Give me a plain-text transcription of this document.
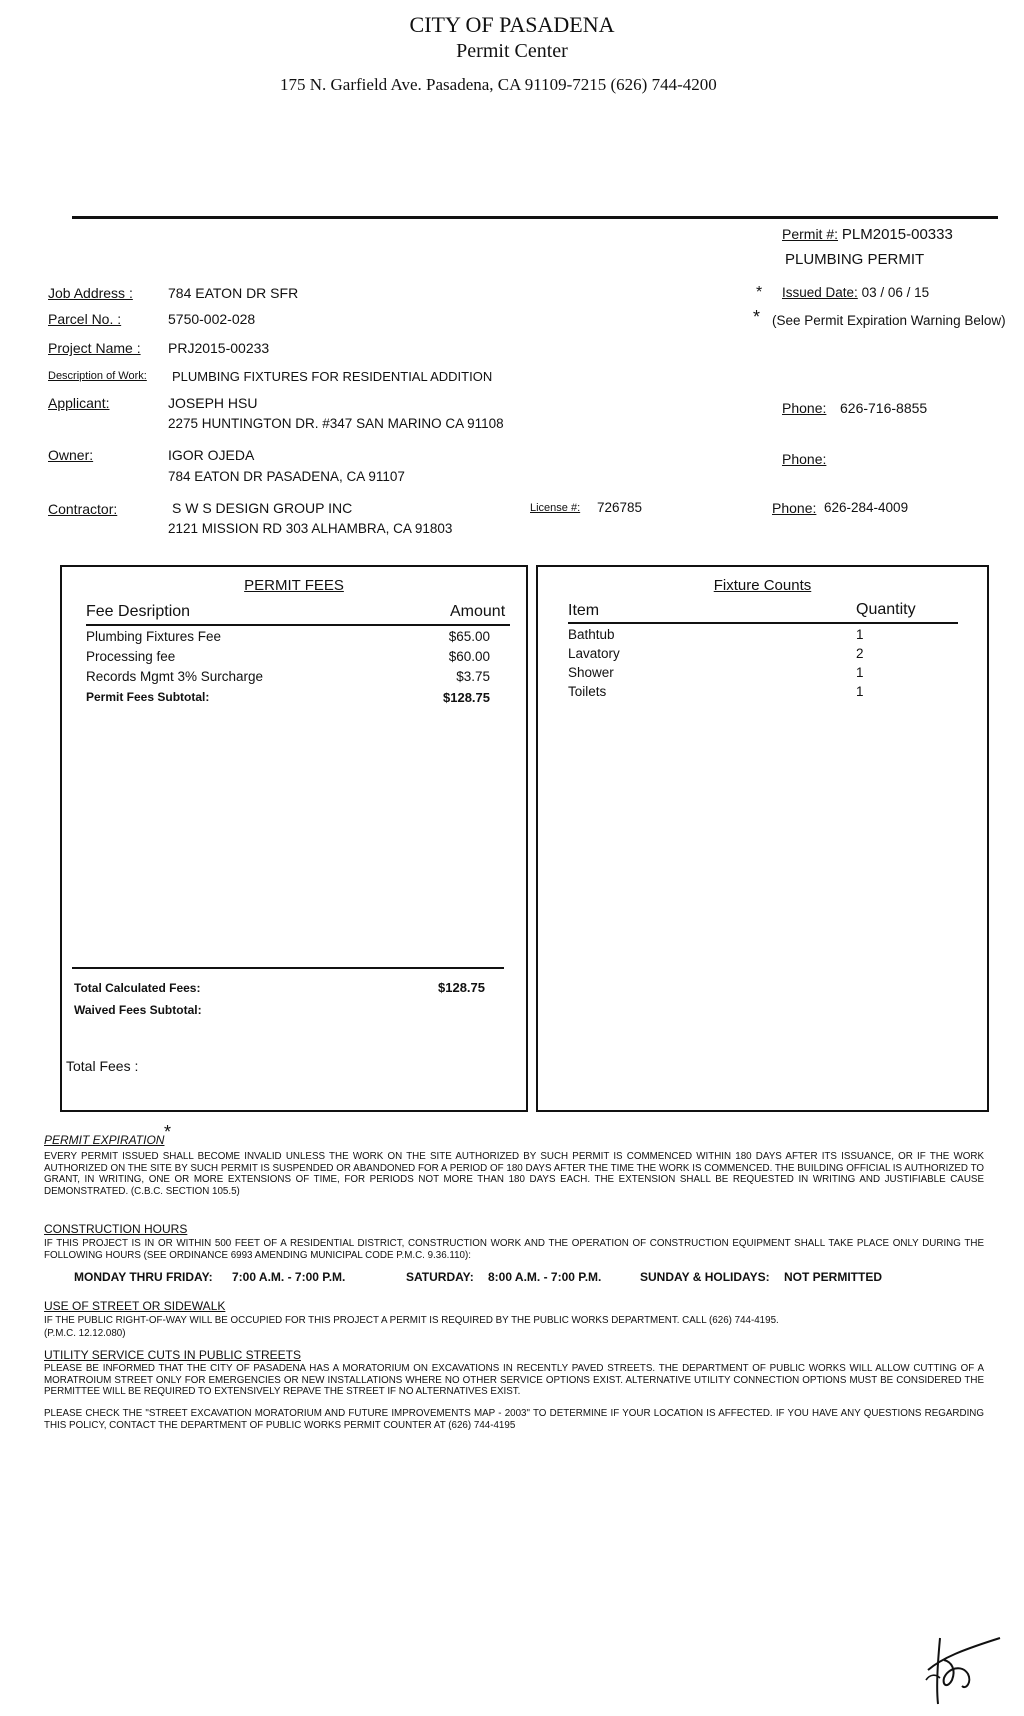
CITY OF PASADENA
Permit Center
175 N. Garfield Ave. Pasadena, CA 91109-7215 (626) 744-4200
Permit #: PLM2015-00333
PLUMBING PERMIT
* Issued Date: 03 / 06 / 15
* (See Permit Expiration Warning Below)
Job Address :	784 EATON DR SFR
Parcel No. :	5750-002-028
Project Name : PRJ2015-00233
Description of Work: PLUMBING FIXTURES FOR RESIDENTIAL ADDITION
Applicant:	JOSEPH HSU
2275 HUNTINGTON DR. #347 SAN MARINO CA 91108
Phone: 626-716-8855
Owner:	IGOR OJEDA
784 EATON DR PASADENA, CA 91107
Phone:
Contractor:	S W S DESIGN GROUP INC
2121 MISSION RD 303 ALHAMBRA, CA 91803
License #: 726785	Phone: 626-284-4009
PERMIT FEES
Fee Desription	Amount
Plumbing Fixtures Fee	$65.00
Processing fee	$60.00
Records Mgmt 3% Surcharge	$3.75
Permit Fees Subtotal:	$128.75
Total Calculated Fees:	$128.75
Waived Fees Subtotal:
Total Fees :
Fixture Counts
Item	Quantity
Bathtub	1
Lavatory	2
Shower	1
Toilets	1
PERMIT EXPIRATION *
EVERY PERMIT ISSUED SHALL BECOME INVALID UNLESS THE WORK ON THE SITE AUTHORIZED BY SUCH PERMIT IS COMMENCED WITHIN 180 DAYS AFTER ITS ISSUANCE, OR IF THE WORK AUTHORIZED ON THE SITE BY SUCH PERMIT IS SUSPENDED OR ABANDONED FOR A PERIOD OF 180 DAYS AFTER THE TIME THE WORK IS COMMENCED. THE BUILDING OFFICIAL IS AUTHORIZED TO GRANT, IN WRITING, ONE OR MORE EXTENSIONS OF TIME, FOR PERIODS NOT MORE THAN 180 DAYS EACH. THE EXTENSION SHALL BE REQUESTED IN WRITING AND JUSTIFIABLE CAUSE DEMONSTRATED. (C.B.C. SECTION 105.5)
CONSTRUCTION HOURS
IF THIS PROJECT IS IN OR WITHIN 500 FEET OF A RESIDENTIAL DISTRICT, CONSTRUCTION WORK AND THE OPERATION OF CONSTRUCTION EQUIPMENT SHALL TAKE PLACE ONLY DURING THE FOLLOWING HOURS (SEE ORDINANCE 6993 AMENDING MUNICIPAL CODE P.M.C. 9.36.110):
MONDAY THRU FRIDAY: 7:00 A.M. - 7:00 P.M.	SATURDAY: 8:00 A.M. - 7:00 P.M.	SUNDAY & HOLIDAYS: NOT PERMITTED
USE OF STREET OR SIDEWALK
IF THE PUBLIC RIGHT-OF-WAY WILL BE OCCUPIED FOR THIS PROJECT A PERMIT IS REQUIRED BY THE PUBLIC WORKS DEPARTMENT. CALL (626) 744-4195.
(P.M.C. 12.12.080)
UTILITY SERVICE CUTS IN PUBLIC STREETS
PLEASE BE INFORMED THAT THE CITY OF PASADENA HAS A MORATORIUM ON EXCAVATIONS IN RECENTLY PAVED STREETS. THE DEPARTMENT OF PUBLIC WORKS WILL ALLOW CUTTING OF A MORATROIUM STREET ONLY FOR EMERGENCIES OR NEW INSTALLATIONS WHERE NO OTHER SERVICE OPTIONS EXIST. ALTERNATIVE UTILITY CONNECTION OPTIONS MUST BE CONSIDERED THE PERMITTEE WILL BE REQUIRED TO EXTENSIVELY REPAVE THE STREET IF NO ALTERNATIVES EXIST.
PLEASE CHECK THE "STREET EXCAVATION MORATORIUM AND FUTURE IMPROVEMENTS MAP - 2003" TO DETERMINE IF YOUR LOCATION IS AFFECTED. IF YOU HAVE ANY QUESTIONS REGARDING THIS POLICY, CONTACT THE DEPARTMENT OF PUBLIC WORKS PERMIT COUNTER AT (626) 744-4195
